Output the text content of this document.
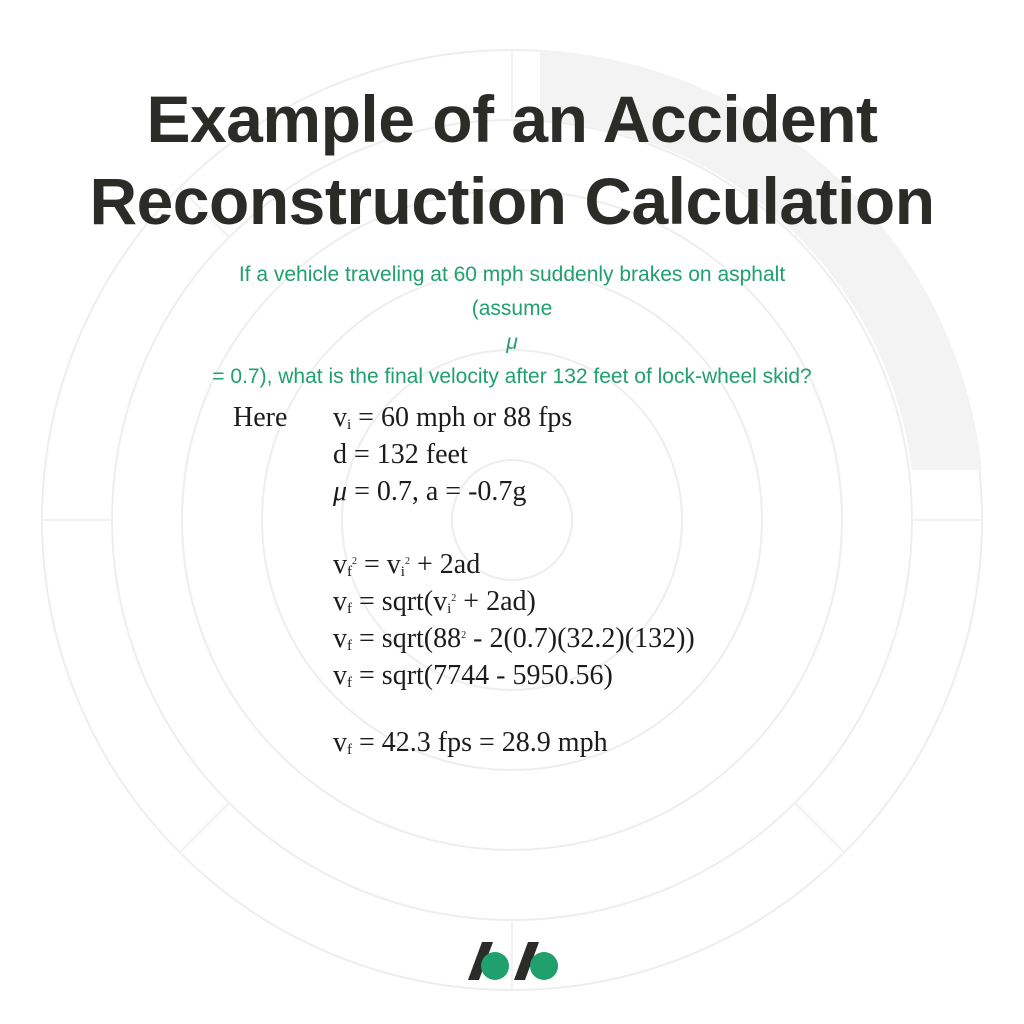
Example of an Accident
Reconstruction Calculation
If a vehicle traveling at 60 mph suddenly brakes on asphalt
(assume
μ
= 0.7), what is the final velocity after 132 feet of lock-wheel skid?
Here $v_i = 60$ mph or 88 fps
d = 132 feet
μ = 0.7, a = -0.7g
$v_f^2 = v_i^2 + 2ad$
$v_f$ = $sqrt(v_i^2 + 2ad)$
$v_f$ = $sqrt(88^2 - 2(0.7)(32.2)(132))$
$v_f$ = sqrt(7744 - 5950.56)
$v_f = 42.3$ fps = 28.9 mph
